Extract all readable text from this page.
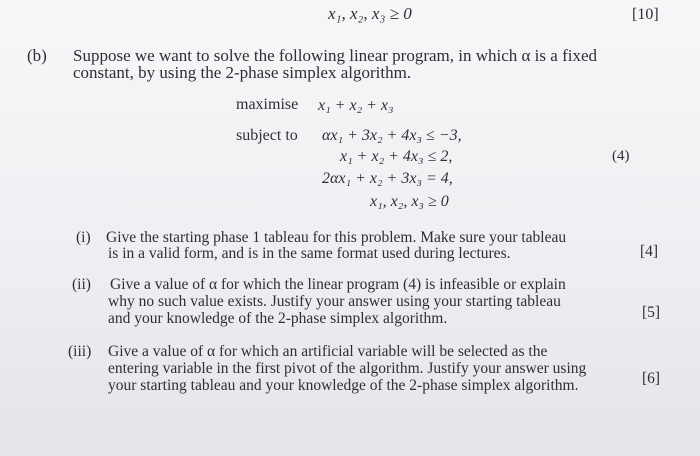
x₁, x₂, x₃ ≥ 0	[10]
(b) Suppose we want to solve the following linear program, in which α is a fixed
constant, by using the 2-phase simplex algorithm.
maximise x₁ + x₂ + x₃
subject to αx₁ + 3x₂ + 4x₃ ≤ −3,
x₁ + x₂ + 4x₃ ≤ 2,
2αx₁ + x₂ + 3x₃ = 4,
x₁, x₂, x₃ ≥ 0
(4)
(i) Give the starting phase 1 tableau for this problem. Make sure your tableau
is in a valid form, and is in the same format used during lectures.	[4]
(ii) Give a value of α for which the linear program (4) is infeasible or explain
why no such value exists. Justify your answer using your starting tableau
and your knowledge of the 2-phase simplex algorithm.	[5]
(iii) Give a value of α for which an artificial variable will be selected as the
entering variable in the first pivot of the algorithm. Justify your answer using
your starting tableau and your knowledge of the 2-phase simplex algorithm.	[6]
